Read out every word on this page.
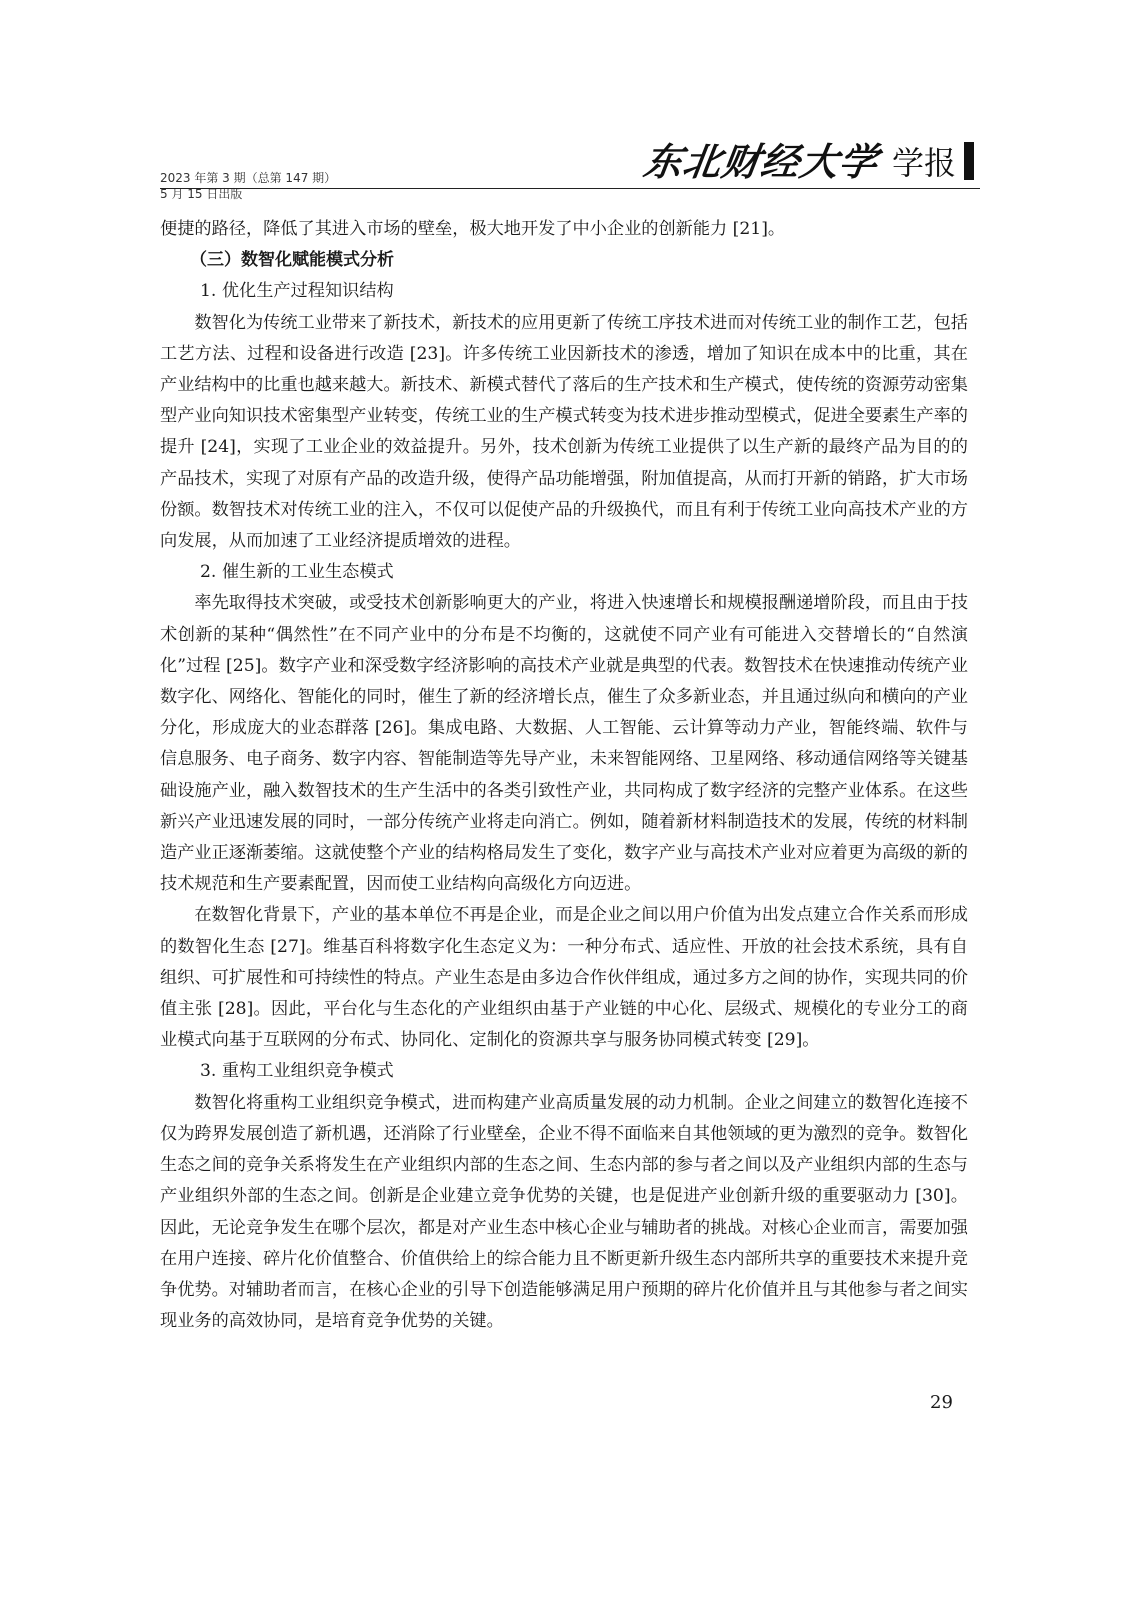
2023 年第 3 期（总第 147 期）
5 月 15 日出版
东北财经大学 学报

便捷的路径，降低了其进入市场的壁垒，极大地开发了中小企业的创新能力 [21]。

（三）数智化赋能模式分析

1. 优化生产过程知识结构

数智化为传统工业带来了新技术，新技术的应用更新了传统工序技术进而对传统工业的制作工艺，包括工艺方法、过程和设备进行改造 [23]。许多传统工业因新技术的渗透，增加了知识在成本中的比重，其在产业结构中的比重也越来越大。新技术、新模式替代了落后的生产技术和生产模式，使传统的资源劳动密集型产业向知识技术密集型产业转变，传统工业的生产模式转变为技术进步推动型模式，促进全要素生产率的提升 [24]，实现了工业企业的效益提升。另外，技术创新为传统工业提供了以生产新的最终产品为目的的产品技术，实现了对原有产品的改造升级，使得产品功能增强，附加值提高，从而打开新的销路，扩大市场份额。数智技术对传统工业的注入，不仅可以促使产品的升级换代，而且有利于传统工业向高技术产业的方向发展，从而加速了工业经济提质增效的进程。

2. 催生新的工业生态模式

率先取得技术突破，或受技术创新影响更大的产业，将进入快速增长和规模报酬递增阶段，而且由于技术创新的某种“偶然性”在不同产业中的分布是不均衡的，这就使不同产业有可能进入交替增长的“自然演化”过程 [25]。数字产业和深受数字经济影响的高技术产业就是典型的代表。数智技术在快速推动传统产业数字化、网络化、智能化的同时，催生了新的经济增长点，催生了众多新业态，并且通过纵向和横向的产业分化，形成庞大的业态群落 [26]。集成电路、大数据、人工智能、云计算等动力产业，智能终端、软件与信息服务、电子商务、数字内容、智能制造等先导产业，未来智能网络、卫星网络、移动通信网络等关键基础设施产业，融入数智技术的生产生活中的各类引致性产业，共同构成了数字经济的完整产业体系。在这些新兴产业迅速发展的同时，一部分传统产业将走向消亡。例如，随着新材料制造技术的发展，传统的材料制造产业正逐渐萎缩。这就使整个产业的结构格局发生了变化，数字产业与高技术产业对应着更为高级的新的技术规范和生产要素配置，因而使工业结构向高级化方向迈进。

在数智化背景下，产业的基本单位不再是企业，而是企业之间以用户价值为出发点建立合作关系而形成的数智化生态 [27]。维基百科将数字化生态定义为：一种分布式、适应性、开放的社会技术系统，具有自组织、可扩展性和可持续性的特点。产业生态是由多边合作伙伴组成，通过多方之间的协作，实现共同的价值主张 [28]。因此，平台化与生态化的产业组织由基于产业链的中心化、层级式、规模化的专业分工的商业模式向基于互联网的分布式、协同化、定制化的资源共享与服务协同模式转变 [29]。

3. 重构工业组织竞争模式

数智化将重构工业组织竞争模式，进而构建产业高质量发展的动力机制。企业之间建立的数智化连接不仅为跨界发展创造了新机遇，还消除了行业壁垒，企业不得不面临来自其他领域的更为激烈的竞争。数智化生态之间的竞争关系将发生在产业组织内部的生态之间、生态内部的参与者之间以及产业组织内部的生态与产业组织外部的生态之间。创新是企业建立竞争优势的关键，也是促进产业创新升级的重要驱动力 [30]。因此，无论竞争发生在哪个层次，都是对产业生态中核心企业与辅助者的挑战。对核心企业而言，需要加强在用户连接、碎片化价值整合、价值供给上的综合能力且不断更新升级生态内部所共享的重要技术来提升竞争优势。对辅助者而言，在核心企业的引导下创造能够满足用户预期的碎片化价值并且与其他参与者之间实现业务的高效协同，是培育竞争优势的关键。

29
